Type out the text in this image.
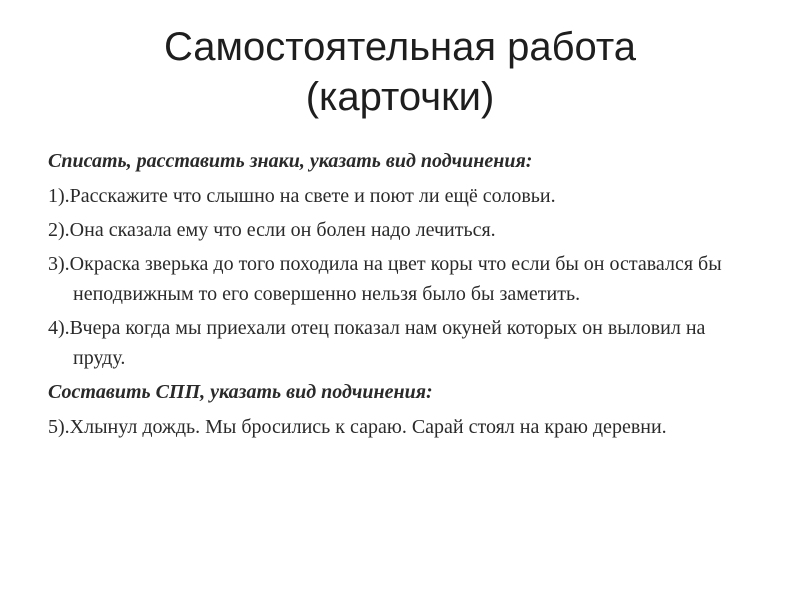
Самостоятельная работа
(карточки)

Списать, расставить знаки, указать вид подчинения:

1).Расскажите что слышно на свете и поют ли ещё соловьи.

2).Она сказала ему что если он болен надо лечиться.

3).Окраска зверька до того походила на цвет коры что если бы он оставался бы неподвижным то его совершенно нельзя было бы заметить.

4).Вчера когда мы приехали отец показал нам окуней которых он выловил на пруду.

Составить СПП, указать вид подчинения:

5).Хлынул дождь. Мы бросились к сараю. Сарай стоял на краю деревни.
